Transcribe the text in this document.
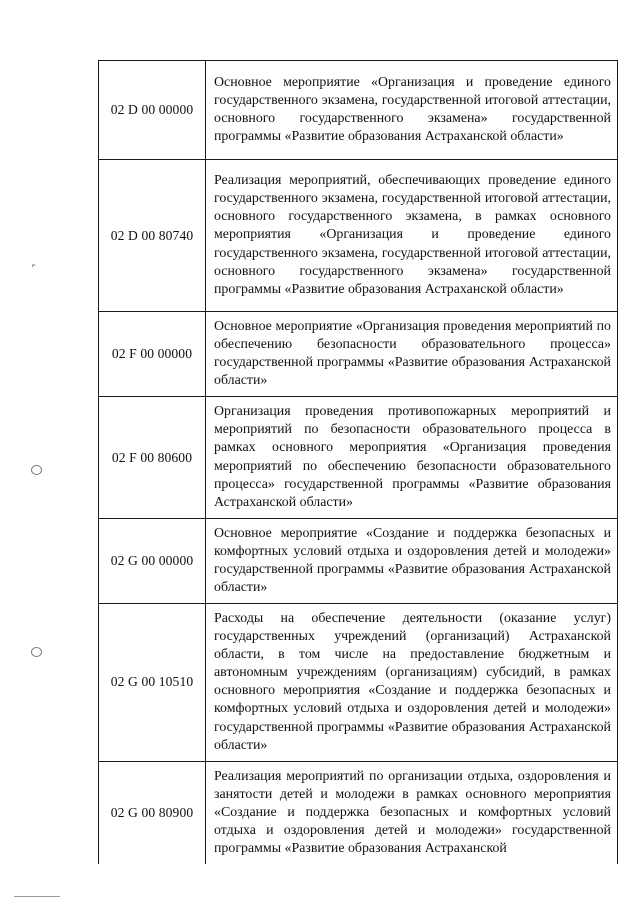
⌃
02 D 00 00000	Основное мероприятие «Организация и проведение единого государственного экзамена, государственной итоговой аттестации, основного государственного экзамена» государственной программы «Развитие образования Астраханской области»
02 D 00 80740	Реализация мероприятий, обеспечивающих проведение единого государственного экзамена, государственной итоговой аттестации, основного государственного экзамена, в рамках основного мероприятия «Организация и проведение единого государственного экзамена, государственной итоговой аттестации, основного государственного экзамена» государственной программы «Развитие образования Астраханской области»
02 F 00 00000	Основное мероприятие «Организация проведения мероприятий по обеспечению безопасности образовательного процесса» государственной программы «Развитие образования Астраханской области»
02 F 00 80600	Организация проведения противопожарных мероприятий и мероприятий по безопасности образовательного процесса в рамках основного мероприятия «Организация проведения мероприятий по обеспечению безопасности образовательного процесса» государственной программы «Развитие образования Астраханской области»
02 G 00 00000	Основное мероприятие «Создание и поддержка безопасных и комфортных условий отдыха и оздоровления детей и молодежи» государственной программы «Развитие образования Астраханской области»
02 G 00 10510	Расходы на обеспечение деятельности (оказание услуг) государственных учреждений (организаций) Астраханской области, в том числе на предоставление бюджетным и автономным учреждениям (организациям) субсидий, в рамках основного мероприятия «Создание и поддержка безопасных и комфортных условий отдыха и оздоровления детей и молодежи» государственной программы «Развитие образования Астраханской области»
02 G 00 80900	Реализация мероприятий по организации отдыха, оздоровления и занятости детей и молодежи в рамках основного мероприятия «Создание и поддержка безопасных и комфортных условий отдыха и оздоровления детей и молодежи» государственной программы «Развитие образования Астраханской
